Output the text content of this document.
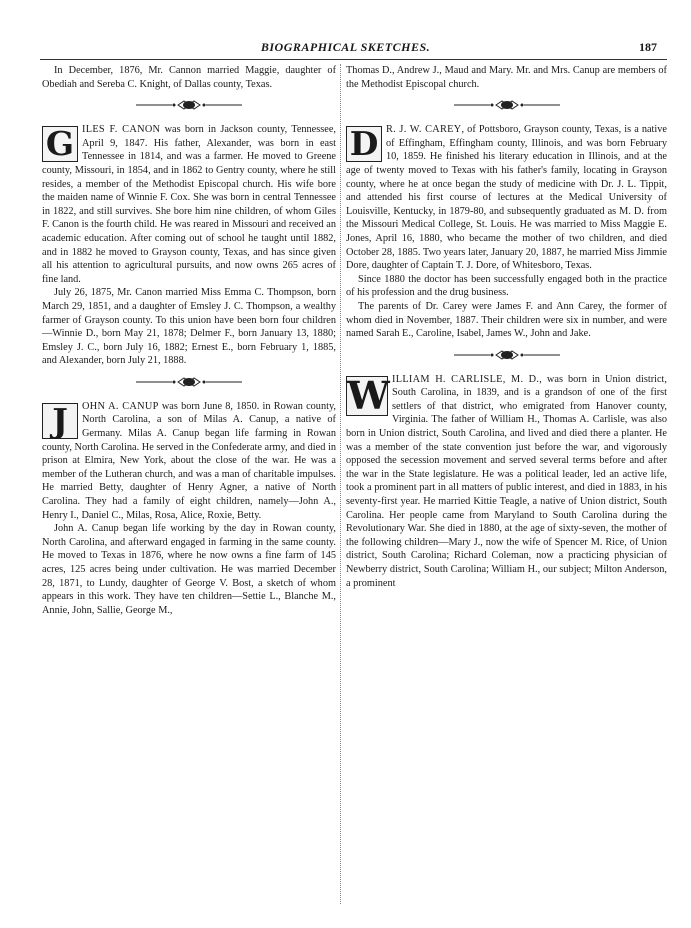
BIOGRAPHICAL SKETCHES.	187

In December, 1876, Mr. Cannon married Maggie, daughter of Obediah and Sereba C. Knight, of Dallas county, Texas.

G ILES F. CANON was born in Jackson county, Tennessee, April 9, 1847. His father, Alexander, was born in east Tennessee in 1814, and was a farmer. He moved to Greene county, Missouri, in 1854, and in 1862 to Gentry county, where he still resides, a member of the Methodist Episcopal church. His wife bore the maiden name of Winnie F. Cox. She was born in central Tennessee in 1822, and still survives. She bore him nine children, of whom Giles F. Canon is the fourth child. He was reared in Missouri and received an academic education. After coming out of school he taught until 1882, and in 1882 he moved to Grayson county, Texas, and has since given all his attention to agricultural pursuits, and now owns 265 acres of fine land.

July 26, 1875, Mr. Canon married Miss Emma C. Thompson, born March 29, 1851, and a daughter of Emsley J. C. Thompson, a wealthy farmer of Grayson county. To this union have been born four children—Winnie D., born May 21, 1878; Delmer F., born January 13, 1880; Emsley J. C., born July 16, 1882; Ernest E., born February 1, 1885, and Alexander, born July 21, 1888.

J	OHN A. CANUP was born June 8, 1850. in Rowan county, North Carolina, a son of Milas A. Canup, a native of Germany. Milas A. Canup began life farming in Rowan county, North Carolina. He served in the Confederate army, and died in prison at Elmira, New York, about the close of the war. He was a member of the Lutheran church, and was a man of charitable impulses. He married Betty, daughter of Henry Agner, a native of North Carolina. They had a family of eight children, namely—John A., Henry I., Daniel C., Milas, Rosa, Alice, Roxie, Betty.

John A. Canup began life working by the day in Rowan county, North Carolina, and afterward engaged in farming in the same county. He moved to Texas in 1876, where he now owns a fine farm of 145 acres, 125 acres being under cultivation. He was married December 28, 1871, to Lundy, daughter of George V. Bost, a sketch of whom appears in this work. They have ten children—Settie L., Blanche M., Annie, John, Sallie, George M.,

Thomas D., Andrew J., Maud and Mary. Mr. and Mrs. Canup are members of the Methodist Episcopal church.

D R. J. W. CAREY, of Pottsboro, Grayson county, Texas, is a native of Effingham, Effingham county, Illinois, and was born February 10, 1859. He finished his literary education in Illinois, and at the age of twenty moved to Texas with his father's family, locating in Grayson county, where he at once began the study of medicine with Dr. J. L. Tippit, and attended his first course of lectures at the Medical University of Louisville, Kentucky, in 1879-80, and subsequently graduated as M. D. from the Missouri Medical College, St. Louis. He was married to Miss Maggie E. Jones, April 16, 1880, who became the mother of two children, and died October 28, 1885. Two years later, January 20, 1887, he married Miss Jimmie Dore, daughter of Captain T. J. Dore, of Whitesboro, Texas.

Since 1880 the doctor has been successfully engaged both in the practice of his profession and the drug business.

The parents of Dr. Carey were James F. and Ann Carey, the former of whom died in November, 1887. Their children were six in number, and were named Sarah E., Caroline, Isabel, James W., John and Jake.

W ILLIAM H. CARLISLE, M. D., was born in Union district, South Carolina, in 1839, and is a grandson of one of the first settlers of that district, who emigrated from Hanover county, Virginia. The father of William H., Thomas A. Carlisle, was also born in Union district, South Carolina, and lived and died there a planter. He was a member of the state convention just before the war, and vigorously opposed the secession movement and served several terms before and after the war in the State legislature. He was a political leader, led an active life, took a prominent part in all matters of public interest, and died in 1883, in his seventy-first year. He married Kittie Teagle, a native of Union district, South Carolina. Her people came from Maryland to South Carolina during the Revolutionary War. She died in 1880, at the age of sixty-seven, the mother of the following children—Mary J., now the wife of Spencer M. Rice, of Union district, South Carolina; Richard Coleman, now a practicing physician of Newberry district, South Carolina; William H., our subject; Milton Anderson, a prominent
